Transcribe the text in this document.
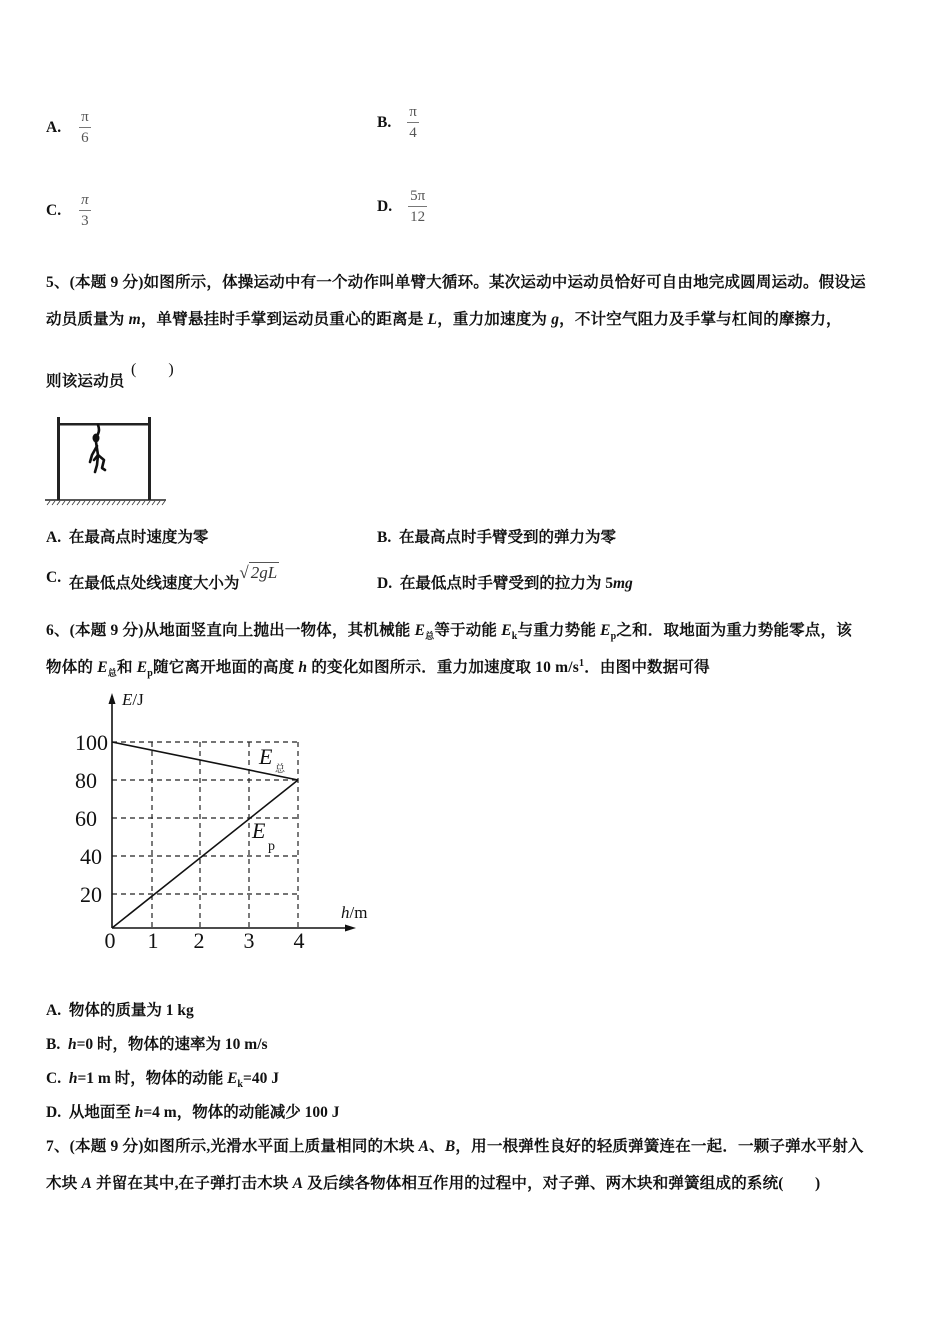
A. $\frac{\pi}{6}$	B. $\frac{\pi}{4}$
C. $\frac{\pi}{3}$	D. $\frac{5\pi}{12}$
5、(本题 9 分)如图所示，体操运动中有一个动作叫单臂大循环。某次运动中运动员恰好可自由地完成圆周运动。假设运
动员质量为 m，单臂悬挂时手掌到运动员重心的距离是 L，重力加速度为 g，不计空气阻力及手掌与杠间的摩擦力，
则该运动员
(　　)
A. 在最高点时速度为零	B. 在最高点时手臂受到的弹力为零
C. 在最低点处线速度大小为√ 2gL
D. 在最低点时手臂受到的拉力为 5mg
6、(本题 9 分)从地面竖直向上抛出一物体，其机械能 $E_总$等于动能 $E_k$与重力势能 $E_p$之和．取地面为重力势能零点，该
物体的 $E_总$和 $E_p$随它离开地面的高度 h 的变化如图所示．重力加速度取 10 $m/s^1$．由图中数据可得
100
80
60
40
20
0 1 2 3 4
E/J
h/m
E
总
E
p
A. 物体的质量为 1 kg
B. h=0 时，物体的速率为 10 m/s
C. h=1 m 时，物体的动能 $E_k=40$ J
D. 从地面至 h=4 m，物体的动能减少 100 J
7、(本题 9 分)如图所示,光滑水平面上质量相同的木块 A、B，用一根弹性良好的轻质弹簧连在一起．一颗子弹水平射入
木块 A 并留在其中,在子弹打击木块 A 及后续各物体相互作用的过程中，对子弹、两木块和弹簧组成的系统(　　)
